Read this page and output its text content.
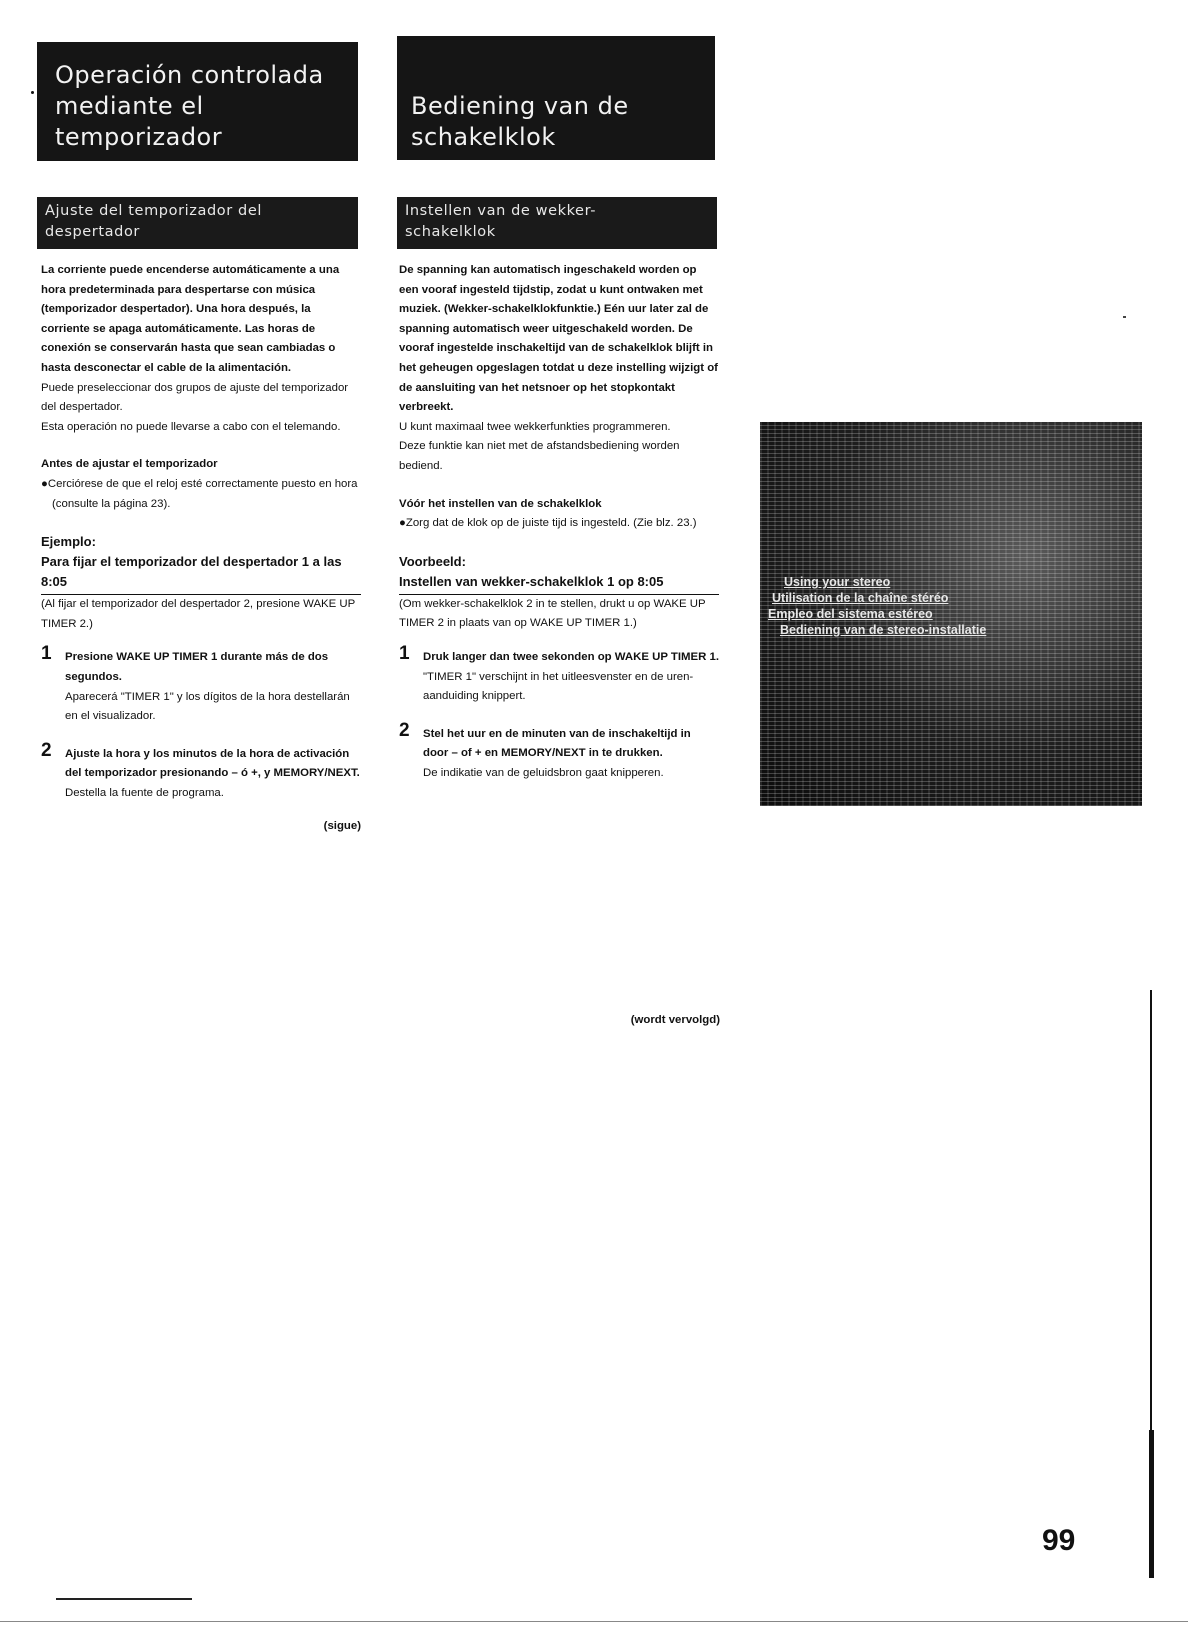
Operación controlada
mediante el
temporizador
Ajuste del temporizador del
despertador

La corriente puede encenderse automáticamente a una hora predeterminada para despertarse con música (temporizador despertador). Una hora después, la corriente se apaga automáticamente. Las horas de conexión se conservarán hasta que sean cambiadas o hasta desconectar el cable de la alimentación.

Puede preseleccionar dos grupos de ajuste del temporizador del despertador.

Esta operación no puede llevarse a cabo con el telemando.

Antes de ajustar el temporizador

●Cerciórese de que el reloj esté correctamente puesto en hora (consulte la página 23).

Ejemplo:

Para fijar el temporizador del despertador 1 a las 8:05

(Al fijar el temporizador del despertador 2, presione WAKE UP TIMER 2.)

1 Presione WAKE UP TIMER 1 durante más de dos segundos.

Aparecerá "TIMER 1" y los dígitos de la hora destellarán en el visualizador.

2 Ajuste la hora y los minutos de la hora de activación del temporizador presionando – ó +, y MEMORY/NEXT.

Destella la fuente de programa.

(sigue)

Bediening van de
schakelklok
Instellen van de wekker-
schakelklok

De spanning kan automatisch ingeschakeld worden op een vooraf ingesteld tijdstip, zodat u kunt ontwaken met muziek. (Wekker-schakelklokfunktie.) Eén uur later zal de spanning automatisch weer uitgeschakeld worden. De vooraf ingestelde inschakeltijd van de schakelklok blijft in het geheugen opgeslagen totdat u deze instelling wijzigt of de aansluiting van het netsnoer op het stopkontakt verbreekt.

U kunt maximaal twee wekkerfunkties programmeren.

Deze funktie kan niet met de afstandsbediening worden bediend.

Vóór het instellen van de schakelklok

●Zorg dat de klok op de juiste tijd is ingesteld. (Zie blz. 23.)

Voorbeeld:

Instellen van wekker-schakelklok 1 op 8:05

(Om wekker-schakelklok 2 in te stellen, drukt u op WAKE UP TIMER 2 in plaats van op WAKE UP TIMER 1.)

1 Druk langer dan twee sekonden op WAKE UP TIMER 1.

"TIMER 1" verschijnt in het uitleesvenster en de uren-aanduiding knippert.

2 Stel het uur en de minuten van de inschakeltijd in door – of + en MEMORY/NEXT in te drukken.

De indikatie van de geluidsbron gaat knipperen.

(wordt vervolgd)
Using your stereo
Utilisation de la chaîne stéréo
Empleo del sistema estéreo
Bediening van de stereo-installatie
99
